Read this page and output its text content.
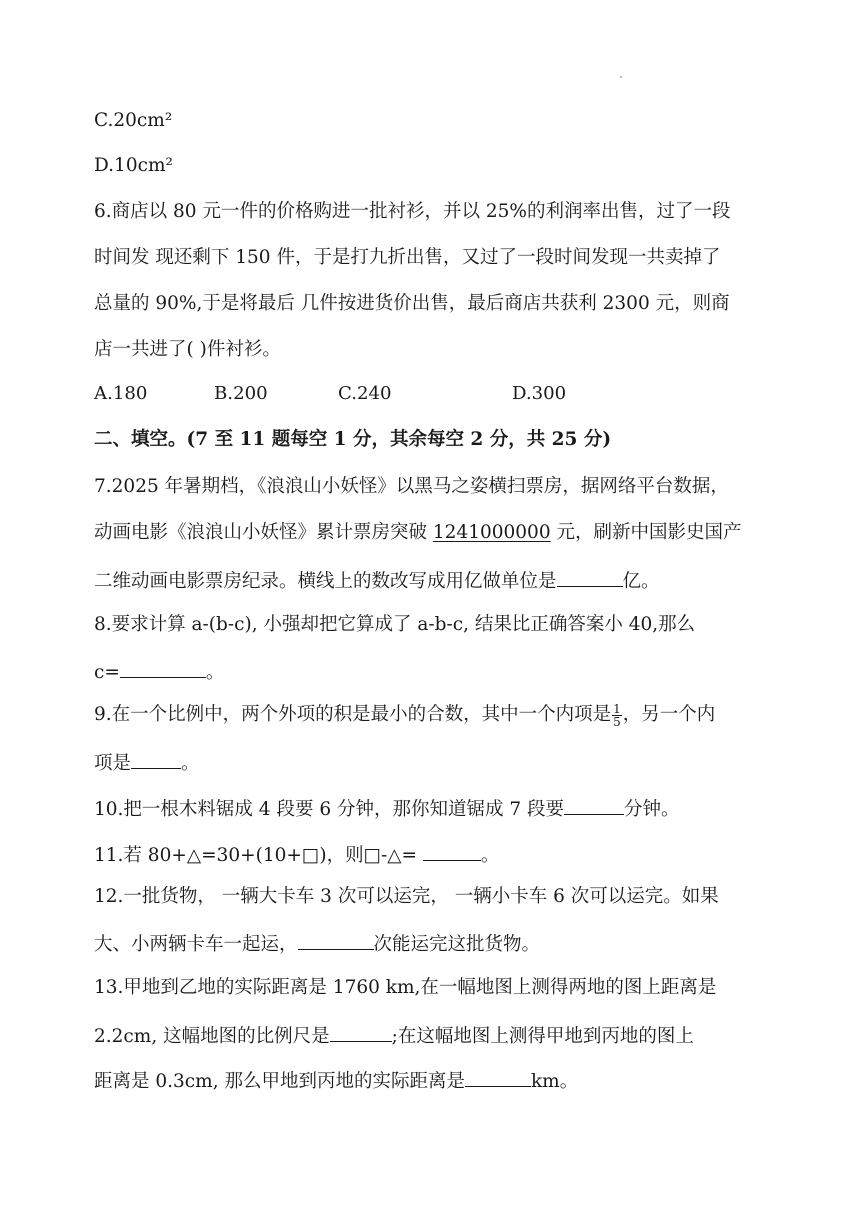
C.20cm²
D.10cm²
6.商店以 80 元一件的价格购进一批衬衫，并以 25%的利润率出售，过了一段
时间发 现还剩下 150 件，于是打九折出售，又过了一段时间发现一共卖掉了
总量的 90%,于是将最后 几件按进货价出售，最后商店共获利 2300 元，则商
店一共进了( )件衬衫。
A.180	B.200	C.240	D.300
二、填空。(7 至 11 题每空 1 分，其余每空 2 分，共 25 分)
7.2025 年暑期档，《浪浪山小妖怪》以黑马之姿横扫票房，据网络平台数据，
动画电影《浪浪山小妖怪》累计票房突破 1241000000 元，刷新中国影史国产
二维动画电影票房纪录。横线上的数改写成用亿做单位是	亿。
8.要求计算 a-(b-c), 小强却把它算成了 a-b-c, 结果比正确答案小 40,那么
c=	。
9.在一个比例中，两个外项的积是最小的合数，其中一个内项是 $\frac{1}{5}$ ，另一个内
项是	。
10.把一根木料锯成 4 段要 6 分钟，那你知道锯成 7 段要	分钟。
11.若 80+△=30+(10+□)，则□-△=	。
12.一批货物， 一辆大卡车 3 次可以运完， 一辆小卡车 6 次可以运完。如果
大、小两辆卡车一起运，	次能运完这批货物。
13.甲地到乙地的实际距离是 1760 km,在一幅地图上测得两地的图上距离是
2.2cm, 这幅地图的比例尺是	;在这幅地图上测得甲地到丙地的图上
距离是 0.3cm, 那么甲地到丙地的实际距离是	km。
